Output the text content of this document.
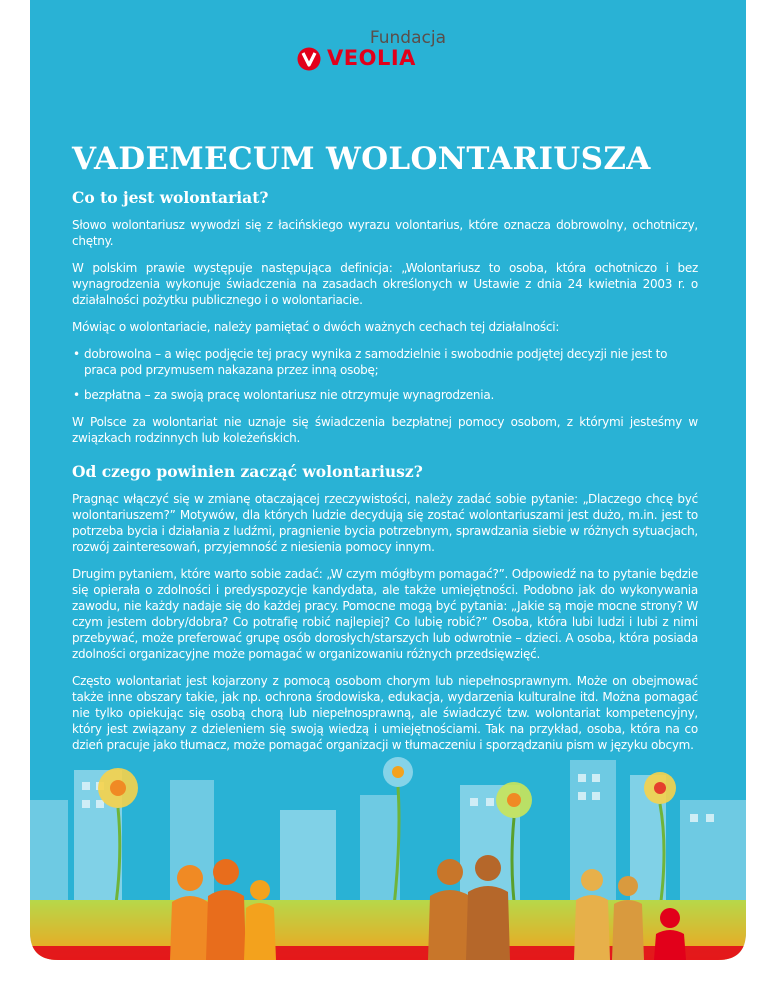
Fundacja
VEOLIA
VADEMECUM WOLONTARIUSZA
Co to jest wolontariat?

Słowo wolontariusz wywodzi się z łacińskiego wyrazu volontarius, które oznacza dobrowolny, ochotniczy, chętny.

W polskim prawie występuje następująca definicja: „Wolontariusz to osoba, która ochotniczo i bez wynagrodzenia wykonuje świadczenia na zasadach określonych w Ustawie z dnia 24 kwietnia 2003 r. o działalności pożytku publicznego i o wolontariacie.

Mówiąc o wolontariacie, należy pamiętać o dwóch ważnych cechach tej działalności:

• dobrowolna – a więc podjęcie tej pracy wynika z samodzielnie i swobodnie podjętej decyzji nie jest to praca pod przymusem nakazana przez inną osobę;
• bezpłatna – za swoją pracę wolontariusz nie otrzymuje wynagrodzenia.

W Polsce za wolontariat nie uznaje się świadczenia bezpłatnej pomocy osobom, z którymi jesteśmy w związkach rodzinnych lub koleżeńskich.

Od czego powinien zacząć wolontariusz?

Pragnąc włączyć się w zmianę otaczającej rzeczywistości, należy zadać sobie pytanie: „Dlaczego chcę być wolontariuszem?” Motywów, dla których ludzie decydują się zostać wolontariuszami jest dużo, m.in. jest to potrzeba bycia i działania z ludźmi, pragnienie bycia potrzebnym, sprawdzania siebie w różnych sytuacjach, rozwój zainteresowań, przyjemność z niesienia pomocy innym.

Drugim pytaniem, które warto sobie zadać: „W czym mógłbym pomagać?”. Odpowiedź na to pytanie będzie się opierała o zdolności i predyspozycje kandydata, ale także umiejętności. Podobno jak do wykonywania zawodu, nie każdy nadaje się do każdej pracy. Pomocne mogą być pytania: „Jakie są moje mocne strony? W czym jestem dobry/dobra? Co potrafię robić najlepiej? Co lubię robić?” Osoba, która lubi ludzi i lubi z nimi przebywać, może preferować grupę osób dorosłych/starszych lub odwrotnie – dzieci. A osoba, która posiada zdolności organizacyjne może pomagać w organizowaniu różnych przedsięwzięć.

Często wolontariat jest kojarzony z pomocą osobom chorym lub niepełnosprawnym. Może on obejmować także inne obszary takie, jak np. ochrona środowiska, edukacja, wydarzenia kulturalne itd. Można pomagać nie tylko opiekując się osobą chorą lub niepełnosprawną, ale świadczyć tzw. wolontariat kompetencyjny, który jest związany z dzieleniem się swoją wiedzą i umiejętnościami. Tak na przykład, osoba, która na co dzień pracuje jako tłumacz, może pomagać organizacji w tłumaczeniu i sporządzaniu pism w języku obcym.
